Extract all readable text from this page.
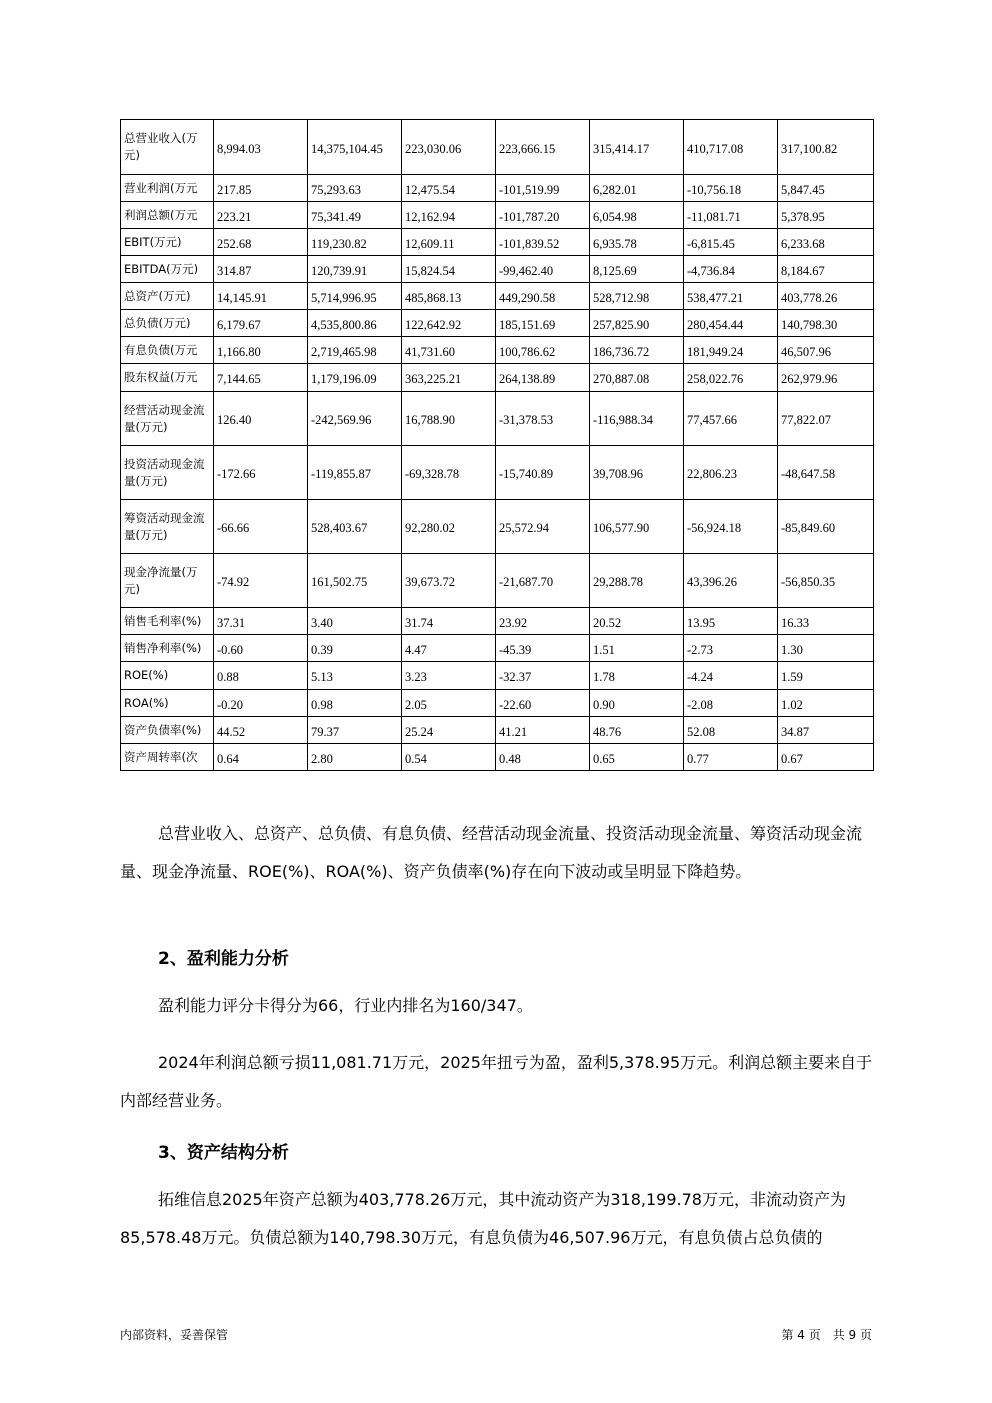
总营业收入(万元)	8,994.03	14,375,104.45	223,030.06	223,666.15	315,414.17	410,717.08	317,100.82
营业利润(万元	217.85	75,293.63	12,475.54	-101,519.99	6,282.01	-10,756.18	5,847.45
利润总额(万元	223.21	75,341.49	12,162.94	-101,787.20	6,054.98	-11,081.71	5,378.95
EBIT(万元)	252.68	119,230.82	12,609.11	-101,839.52	6,935.78	-6,815.45	6,233.68
EBITDA(万元)	314.87	120,739.91	15,824.54	-99,462.40	8,125.69	-4,736.84	8,184.67
总资产(万元)	14,145.91	5,714,996.95	485,868.13	449,290.58	528,712.98	538,477.21	403,778.26
总负债(万元)	6,179.67	4,535,800.86	122,642.92	185,151.69	257,825.90	280,454.44	140,798.30
有息负债(万元	1,166.80	2,719,465.98	41,731.60	100,786.62	186,736.72	181,949.24	46,507.96
股东权益(万元	7,144.65	1,179,196.09	363,225.21	264,138.89	270,887.08	258,022.76	262,979.96
经营活动现金流量(万元)	126.40	-242,569.96	16,788.90	-31,378.53	-116,988.34	77,457.66	77,822.07
投资活动现金流量(万元)	-172.66	-119,855.87	-69,328.78	-15,740.89	39,708.96	22,806.23	-48,647.58
筹资活动现金流量(万元)	-66.66	528,403.67	92,280.02	25,572.94	106,577.90	-56,924.18	-85,849.60
现金净流量(万元)	-74.92	161,502.75	39,673.72	-21,687.70	29,288.78	43,396.26	-56,850.35
销售毛利率(%)	37.31	3.40	31.74	23.92	20.52	13.95	16.33
销售净利率(%)	-0.60	0.39	4.47	-45.39	1.51	-2.73	1.30
ROE(%)	0.88	5.13	3.23	-32.37	1.78	-4.24	1.59
ROA(%)	-0.20	0.98	2.05	-22.60	0.90	-2.08	1.02
资产负债率(%)	44.52	79.37	25.24	41.21	48.76	52.08	34.87
资产周转率(次	0.64	2.80	0.54	0.48	0.65	0.77	0.67

总营业收入、总资产、总负债、有息负债、经营活动现金流量、投资活动现金流量、筹资活动现金流量、现金净流量、ROE(%)、ROA(%)、资产负债率(%)存在向下波动或呈明显下降趋势。

2、盈利能力分析

盈利能力评分卡得分为66，行业内排名为160/347。

2024年利润总额亏损11,081.71万元，2025年扭亏为盈，盈利5,378.95万元。利润总额主要来自于内部经营业务。

3、资产结构分析

拓维信息2025年资产总额为403,778.26万元，其中流动资产为318,199.78万元，非流动资产为85,578.48万元。负债总额为140,798.30万元，有息负债为46,507.96万元，有息负债占总负债的

内部资料，妥善保管	第 4 页　共 9 页
